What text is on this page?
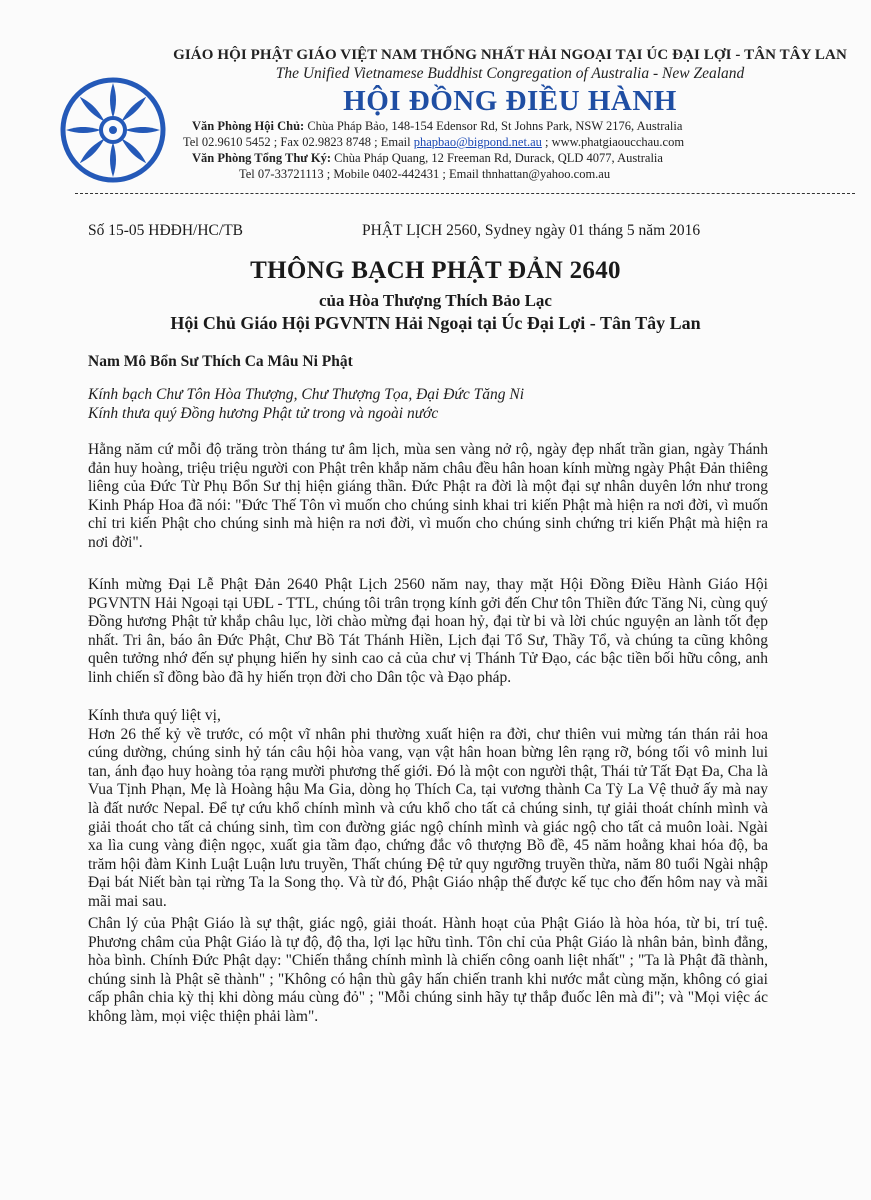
GIÁO HỘI PHẬT GIÁO VIỆT NAM THỐNG NHẤT HẢI NGOẠI TẠI ÚC ĐẠI LỢI - TÂN TÂY LAN
The Unified Vietnamese Buddhist Congregation of Australia - New Zealand
HỘI ĐỒNG ĐIỀU HÀNH
Văn Phòng Hội Chủ: Chùa Pháp Bảo, 148-154 Edensor Rd, St Johns Park, NSW 2176, Australia
Tel 02.9610 5452 ; Fax 02.9823 8748 ; Email phapbao@bigpond.net.au ; www.phatgiaoucchau.com
Văn Phòng Tổng Thư Ký: Chùa Pháp Quang, 12 Freeman Rd, Durack, QLD 4077, Australia
Tel 07-33721113 ; Mobile 0402-442431 ; Email thnhattan@yahoo.com.au
Số 15-05 HĐĐH/HC/TB	PHẬT LỊCH 2560, Sydney ngày 01 tháng 5 năm 2016
THÔNG BẠCH PHẬT ĐẢN 2640
của Hòa Thượng Thích Bảo Lạc
Hội Chủ Giáo Hội PGVNTN Hải Ngoại tại Úc Đại Lợi - Tân Tây Lan
Nam Mô Bổn Sư Thích Ca Mâu Ni Phật

Kính bạch Chư Tôn Hòa Thượng, Chư Thượng Tọa, Đại Đức Tăng Ni

Kính thưa quý Đồng hương Phật tử trong và ngoài nước

Hằng năm cứ mỗi độ trăng tròn tháng tư âm lịch, mùa sen vàng nở rộ, ngày đẹp nhất trần gian, ngày Thánh đản huy hoàng, triệu triệu người con Phật trên khắp năm châu đều hân hoan kính mừng ngày Phật Đản thiêng liêng của Đức Từ Phụ Bổn Sư thị hiện giáng thần. Đức Phật ra đời là một đại sự nhân duyên lớn như trong Kinh Pháp Hoa đã nói: "Đức Thế Tôn vì muốn cho chúng sinh khai tri kiến Phật mà hiện ra nơi đời, vì muốn chỉ tri kiến Phật cho chúng sinh mà hiện ra nơi đời, vì muốn cho chúng sinh chứng tri kiến Phật mà hiện ra nơi đời".
Kính mừng Đại Lễ Phật Đản 2640 Phật Lịch 2560 năm nay, thay mặt Hội Đồng Điều Hành Giáo Hội PGVNTN Hải Ngoại tại UĐL - TTL, chúng tôi trân trọng kính gởi đến Chư tôn Thiền đức Tăng Ni, cùng quý Đồng hương Phật tử khắp châu lục, lời chào mừng đại hoan hỷ, đại từ bi và lời chúc nguyện an lành tốt đẹp nhất. Tri ân, báo ân Đức Phật, Chư Bồ Tát Thánh Hiền, Lịch đại Tổ Sư, Thầy Tổ, và chúng ta cũng không quên tưởng nhớ đến sự phụng hiến hy sinh cao cả của chư vị Thánh Tử Đạo, các bậc tiền bối hữu công, anh linh chiến sĩ đồng bào đã hy hiến trọn đời cho Dân tộc và Đạo pháp.

Kính thưa quý liệt vị,

Hơn 26 thế kỷ về trước, có một vĩ nhân phi thường xuất hiện ra đời, chư thiên vui mừng tán thán rải hoa cúng dường, chúng sinh hỷ tán câu hội hòa vang, vạn vật hân hoan bừng lên rạng rỡ, bóng tối vô minh lui tan, ánh đạo huy hoàng tỏa rạng mười phương thế giới. Đó là một con người thật, Thái tử Tất Đạt Đa, Cha là Vua Tịnh Phạn, Mẹ là Hoàng hậu Ma Gia, dòng họ Thích Ca, tại vương thành Ca Tỳ La Vệ thuở ấy mà nay là đất nước Nepal. Để tự cứu khổ chính mình và cứu khổ cho tất cả chúng sinh, tự giải thoát chính mình và giải thoát cho tất cả chúng sinh, tìm con đường giác ngộ chính mình và giác ngộ cho tất cả muôn loài. Ngài xa lìa cung vàng điện ngọc, xuất gia tầm đạo, chứng đắc vô thượng Bồ đề, 45 năm hoằng khai hóa độ, ba trăm hội đàm Kinh Luật Luận lưu truyền, Thất chúng Đệ tử quy ngưỡng truyền thừa, năm 80 tuổi Ngài nhập Đại bát Niết bàn tại rừng Ta la Song thọ. Và từ đó, Phật Giáo nhập thế được kế tục cho đến hôm nay và mãi mãi mai sau.

Chân lý của Phật Giáo là sự thật, giác ngộ, giải thoát. Hành hoạt của Phật Giáo là hòa hóa, từ bi, trí tuệ. Phương châm của Phật Giáo là tự độ, độ tha, lợi lạc hữu tình. Tôn chỉ của Phật Giáo là nhân bản, bình đẳng, hòa bình. Chính Đức Phật dạy: "Chiến thắng chính mình là chiến công oanh liệt nhất" ; "Ta là Phật đã thành, chúng sinh là Phật sẽ thành" ; "Không có hận thù gây hấn chiến tranh khi nước mắt cùng mặn, không có giai cấp phân chia kỳ thị khi dòng máu cùng đỏ" ; "Mỗi chúng sinh hãy tự thắp đuốc lên mà đi"; và "Mọi việc ác không làm, mọi việc thiện phải làm".
